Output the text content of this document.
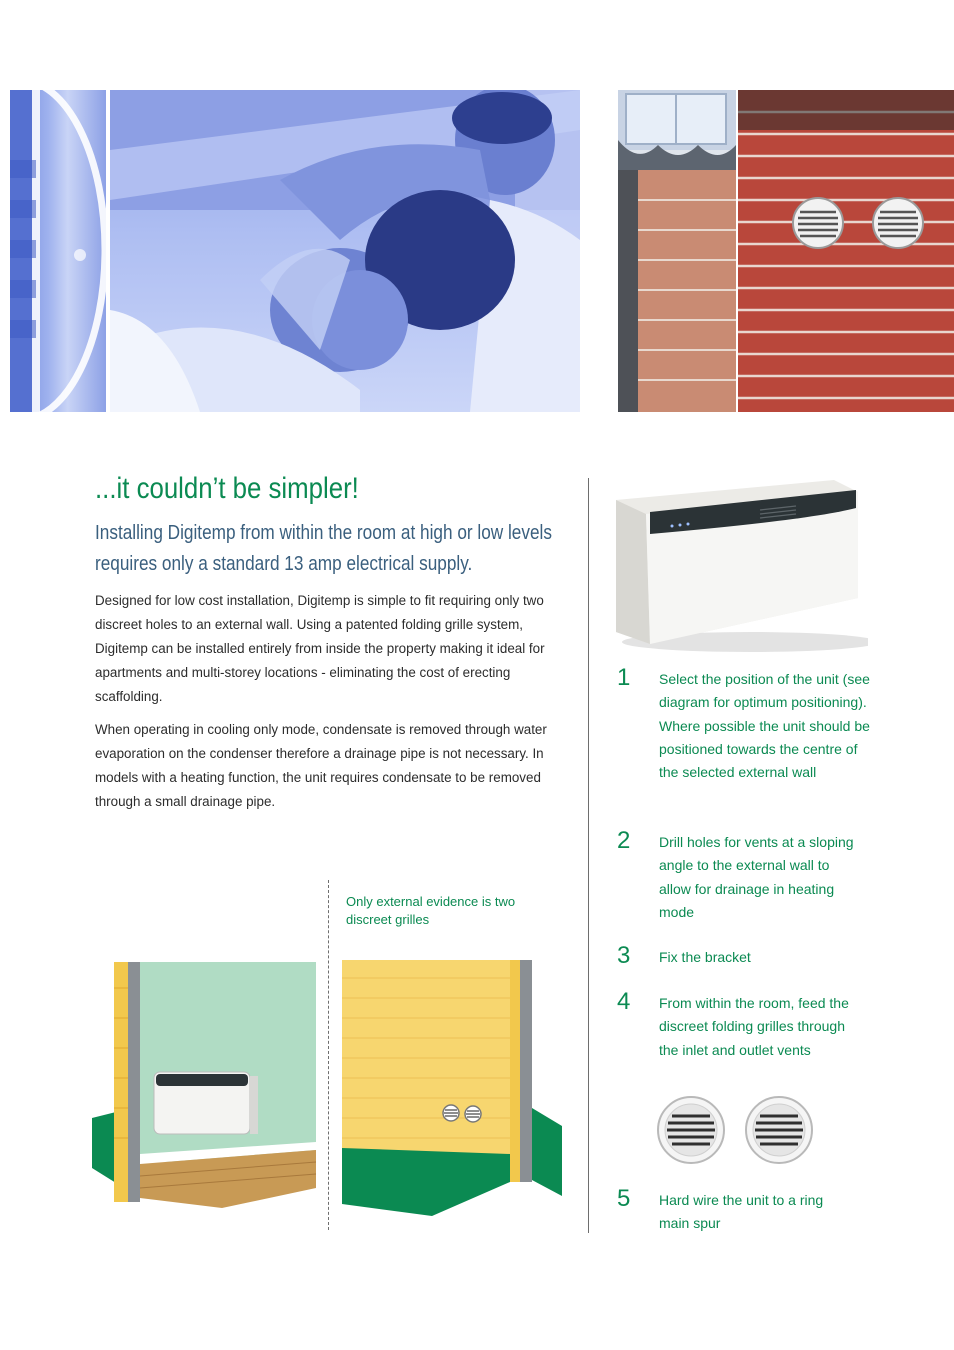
...it couldn’t be simpler!

Installing Digitemp from within the room at high or low levels requires only a standard 13 amp electrical supply.

Designed for low cost installation, Digitemp is simple to fit requiring only two discreet holes to an external wall. Using a patented folding grille system, Digitemp can be installed entirely from inside the property making it ideal for apartments and multi-storey locations - eliminating the cost of erecting scaffolding.

When operating in cooling only mode, condensate is removed through water evaporation on the condenser therefore a drainage pipe is not necessary. In models with a heating function, the unit requires condensate to be removed through a small drainage pipe.

Only external evidence is two discreet grilles

1 Select the position of the unit (see diagram for optimum positioning). Where possible the unit should be positioned towards the centre of the selected external wall

2 Drill holes for vents at a sloping angle to the external wall to allow for drainage in heating mode

3 Fix the bracket

4 From within the room, feed the discreet folding grilles through the inlet and outlet vents

5 Hard wire the unit to a ring main spur
